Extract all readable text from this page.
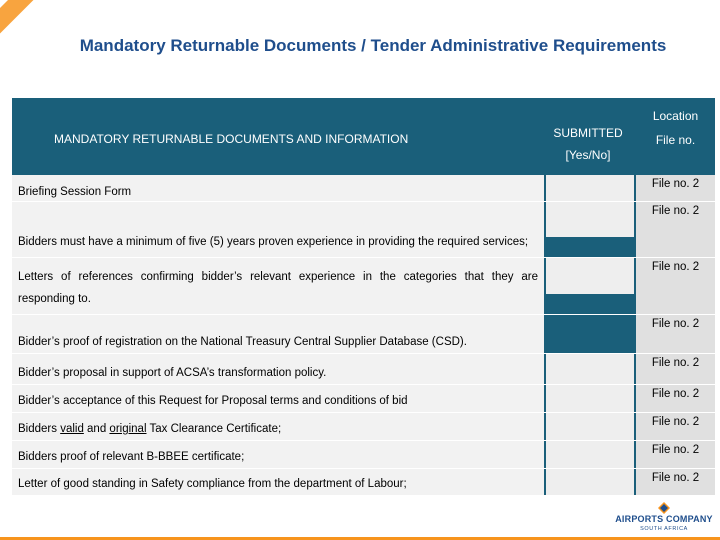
Mandatory Returnable Documents / Tender Administrative Requirements
MANDATORY RETURNABLE DOCUMENTS AND INFORMATION	SUBMITTED
[Yes/No]
Location
File no.
Briefing Session Form
File no. 2
Bidders must have a minimum of five (5) years proven experience in providing the required services;
File no. 2
Letters of references confirming bidder’s relevant experience in the categories that they are responding to.
File no. 2
Bidder’s proof of registration on the National Treasury Central Supplier Database (CSD).
File no. 2
Bidder’s proposal in support of ACSA’s transformation policy.
File no. 2
Bidder’s acceptance of this Request for Proposal terms and conditions of bid
File no. 2
Bidders valid and original Tax Clearance Certificate;
File no. 2
Bidders proof of relevant B-BBEE certificate;
File no. 2
Letter of good standing in Safety compliance from the department of Labour;	File no. 2
AIRPORTS COMPANY
SOUTH AFRICA
